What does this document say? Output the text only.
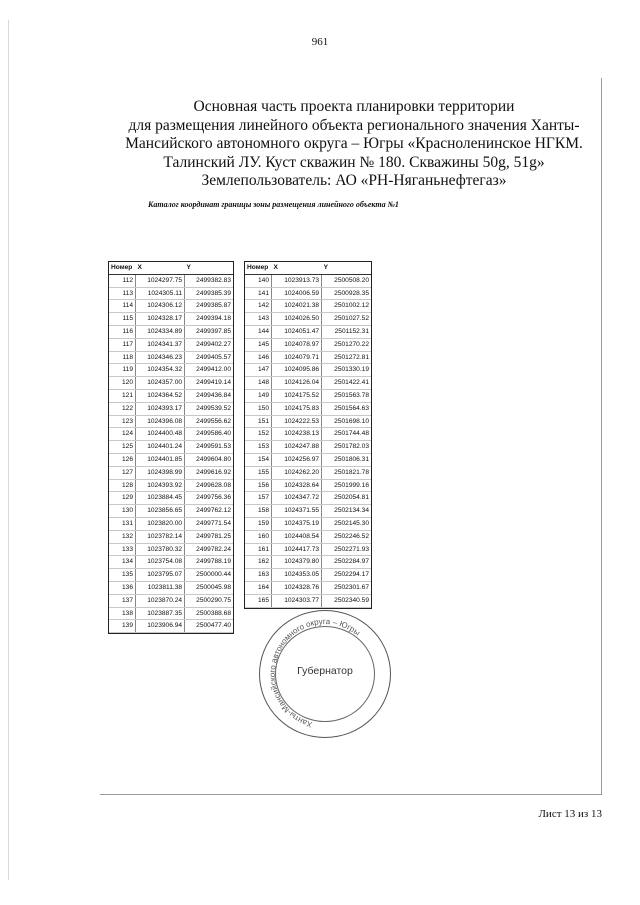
961
Основная часть проекта планировки территории
для размещения линейного объекта регионального значения Ханты-
Мансийского автономного округа – Югры «Красноленинское НГКМ.
Талинский ЛУ. Куст скважин № 180. Скважины 50g, 51g»
Землепользователь: АО «РН-Няганьнефтегаз»
Каталог координат границы зоны размещения линейного объекта №1
Номер	X	Y
112	1024297.75	2499382.83
113	1024305.11	2499385.39
114	1024306.12	2499385.87
115	1024328.17	2499394.18
116	1024334.89	2499397.85
117	1024341.37	2499402.27
118	1024346.23	2499405.57
119	1024354.32	2499412.00
120	1024357.00	2499419.14
121	1024364.52	2499436.84
122	1024393.17	2499539.52
123	1024396.08	2499556.62
124	1024400.48	2499586.40
125	1024401.24	2499591.53
126	1024401.85	2499604.80
127	1024398.99	2499616.92
128	1024393.92	2499628.08
129	1023884.45	2499756.36
130	1023856.65	2499762.12
131	1023820.00	2499771.54
132	1023782.14	2499781.25
133	1023780.32	2499782.24
134	1023754.08	2499788.19
135	1023795.07	2500000.44
136	1023811.38	2500045.98
137	1023870.24	2500290.75
138	1023887.35	2500388.68
139	1023906.94	2500477.40
Номер	X	Y
140	1023913.73	2500508.20
141	1024006.59	2500928.35
142	1024021.38	2501002.12
143	1024026.50	2501027.52
144	1024051.47	2501152.31
145	1024078.97	2501270.22
146	1024079.71	2501272.81
147	1024095.86	2501330.19
148	1024126.04	2501422.41
149	1024175.52	2501563.78
150	1024175.83	2501564.63
151	1024222.53	2501698.10
152	1024238.13	2501744.48
153	1024247.88	2501782.03
154	1024256.97	2501806.31
155	1024262.20	2501821.78
156	1024328.64	2501999.16
157	1024347.72	2502054.81
158	1024371.55	2502134.34
159	1024375.19	2502145.30
160	1024408.54	2502246.52
161	1024417.73	2502271.93
162	1024379.80	2502284.97
163	1024353.05	2502294.17
164	1024328.76	2502301.67
165	1024303.77	2502340.59
Ханты-Мансийского автономного округа – Югры
Губернатор
Лист 13 из 13
